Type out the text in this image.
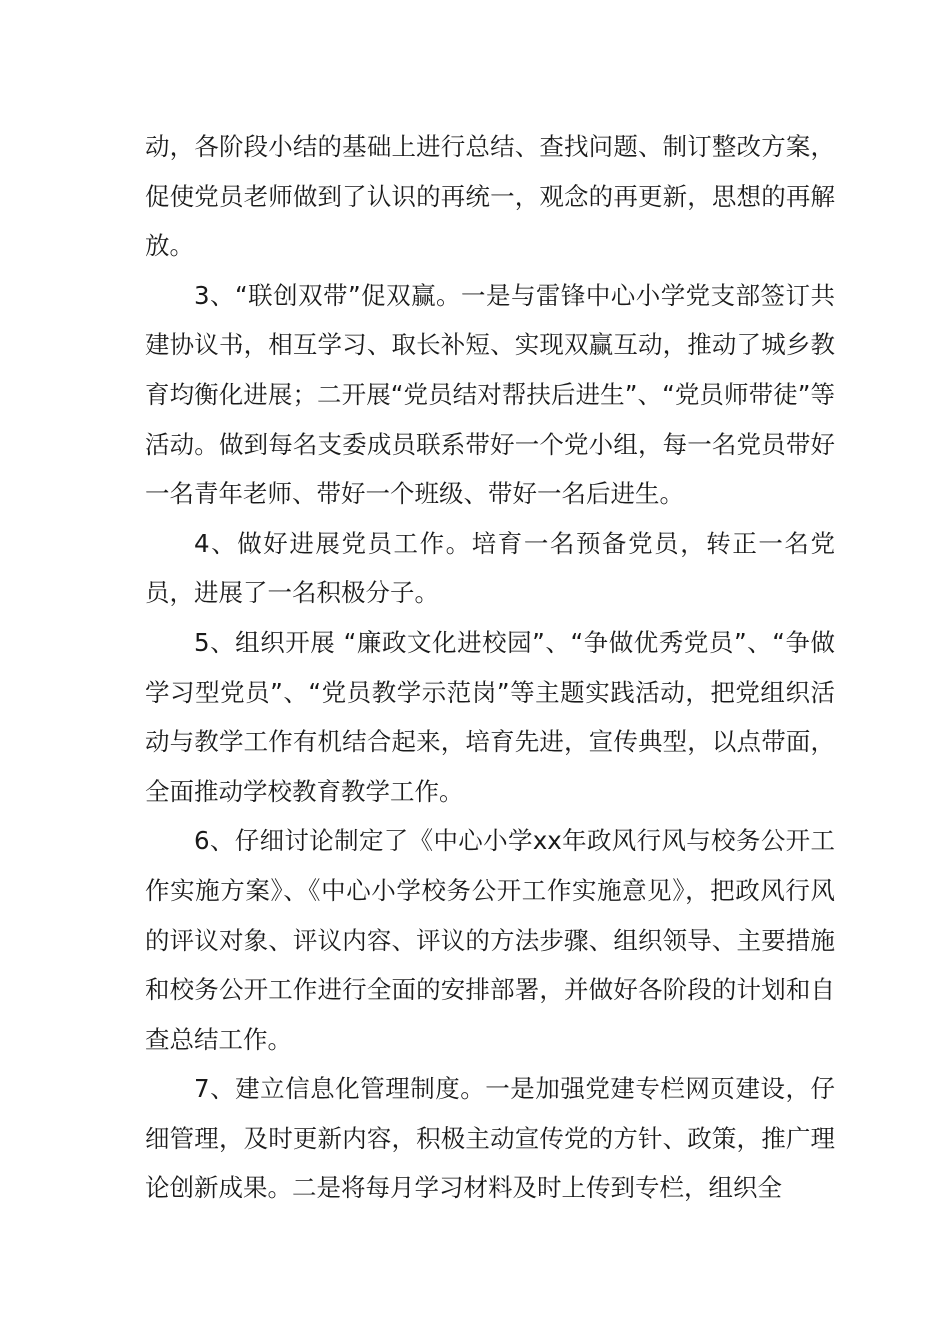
动，各阶段小结的基础上进行总结、查找问题、制订整改方案，促使党员老师做到了认识的再统一，观念的再更新，思想的再解放。

3、“联创双带”促双赢。一是与雷锋中心小学党支部签订共建协议书，相互学习、取长补短、实现双赢互动，推动了城乡教育均衡化进展；二开展“党员结对帮扶后进生”、“党员师带徒”等活动。做到每名支委成员联系带好一个党小组，每一名党员带好一名青年老师、带好一个班级、带好一名后进生。

4、做好进展党员工作。培育一名预备党员，转正一名党员，进展了一名积极分子。

5、组织开展 “廉政文化进校园”、“争做优秀党员”、“争做学习型党员”、“党员教学示范岗”等主题实践活动，把党组织活动与教学工作有机结合起来，培育先进，宣传典型，以点带面，全面推动学校教育教学工作。

6、仔细讨论制定了《中心小学xx年政风行风与校务公开工作实施方案》、《中心小学校务公开工作实施意见》，把政风行风的评议对象、评议内容、评议的方法步骤、组织领导、主要措施和校务公开工作进行全面的安排部署，并做好各阶段的计划和自查总结工作。

7、建立信息化管理制度。一是加强党建专栏网页建设，仔细管理，及时更新内容，积极主动宣传党的方针、政策，推广理论创新成果。二是将每月学习材料及时上传到专栏，组织全
